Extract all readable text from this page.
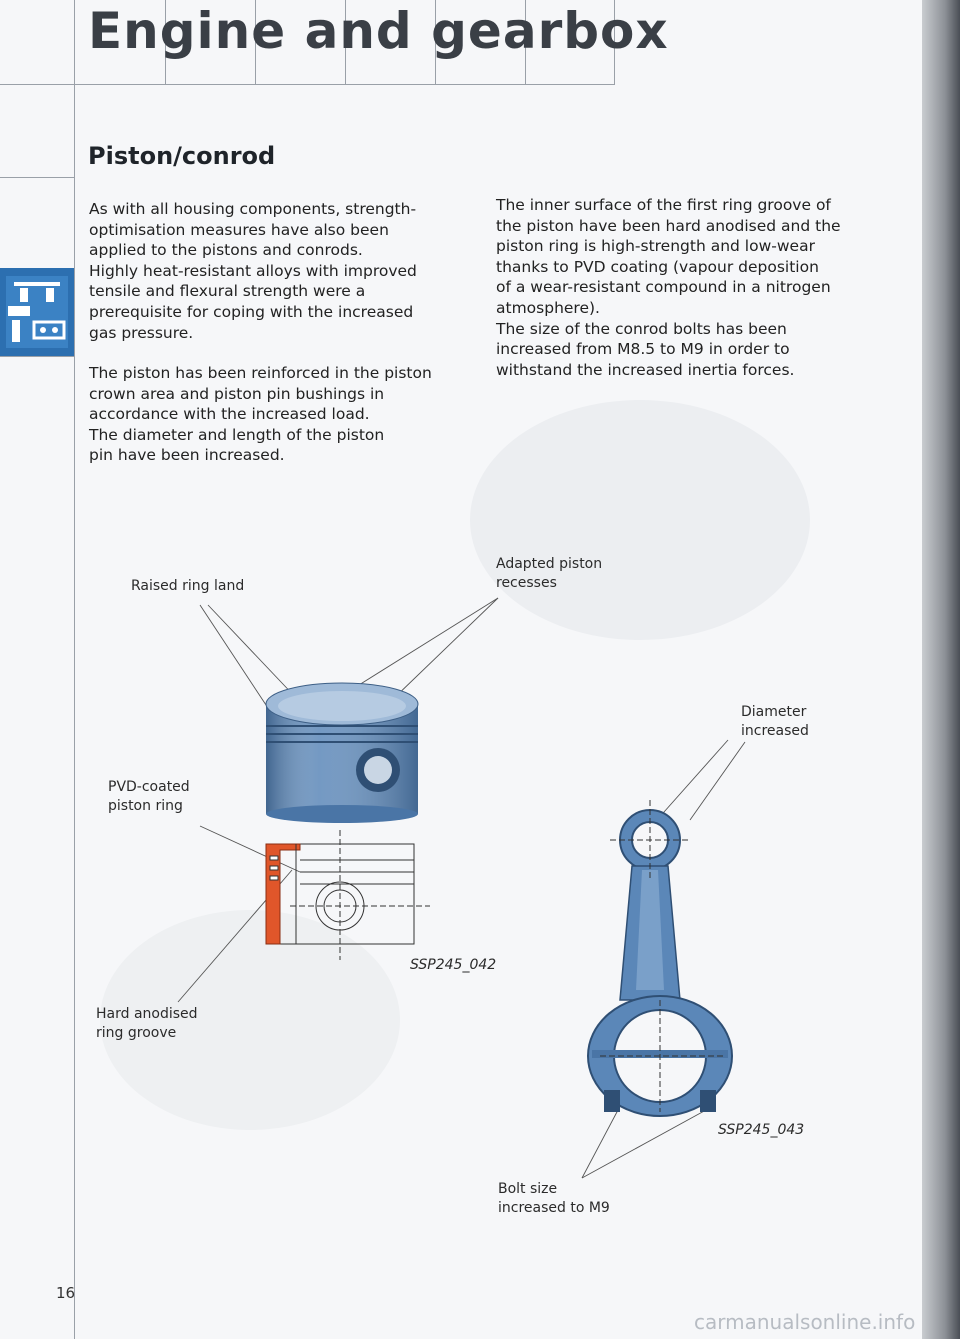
Engine and gearbox
Piston/conrod

As with all housing components, strength-
optimisation measures have also been
applied to the pistons and conrods.
Highly heat-resistant alloys with improved
tensile and flexural strength were a
prerequisite for coping with the increased
gas pressure.

The piston has been reinforced in the piston
crown area and piston pin bushings in
accordance with the increased load.
The diameter and length of the piston
pin have been increased.

The inner surface of the first ring groove of
the piston have been hard anodised and the
piston ring is high-strength and low-wear
thanks to PVD coating (vapour deposition
of a wear-resistant compound in a nitrogen
atmosphere).
The size of the conrod bolts has been
increased from M8.5 to M9 in order to
withstand the increased inertia forces.

Raised ring land
Adapted piston
recesses
PVD-coated
piston ring
Hard anodised
ring groove
SSP245_042
Diameter
increased
Bolt size
increased to M9
SSP245_043
16
carmanualsonline.info
